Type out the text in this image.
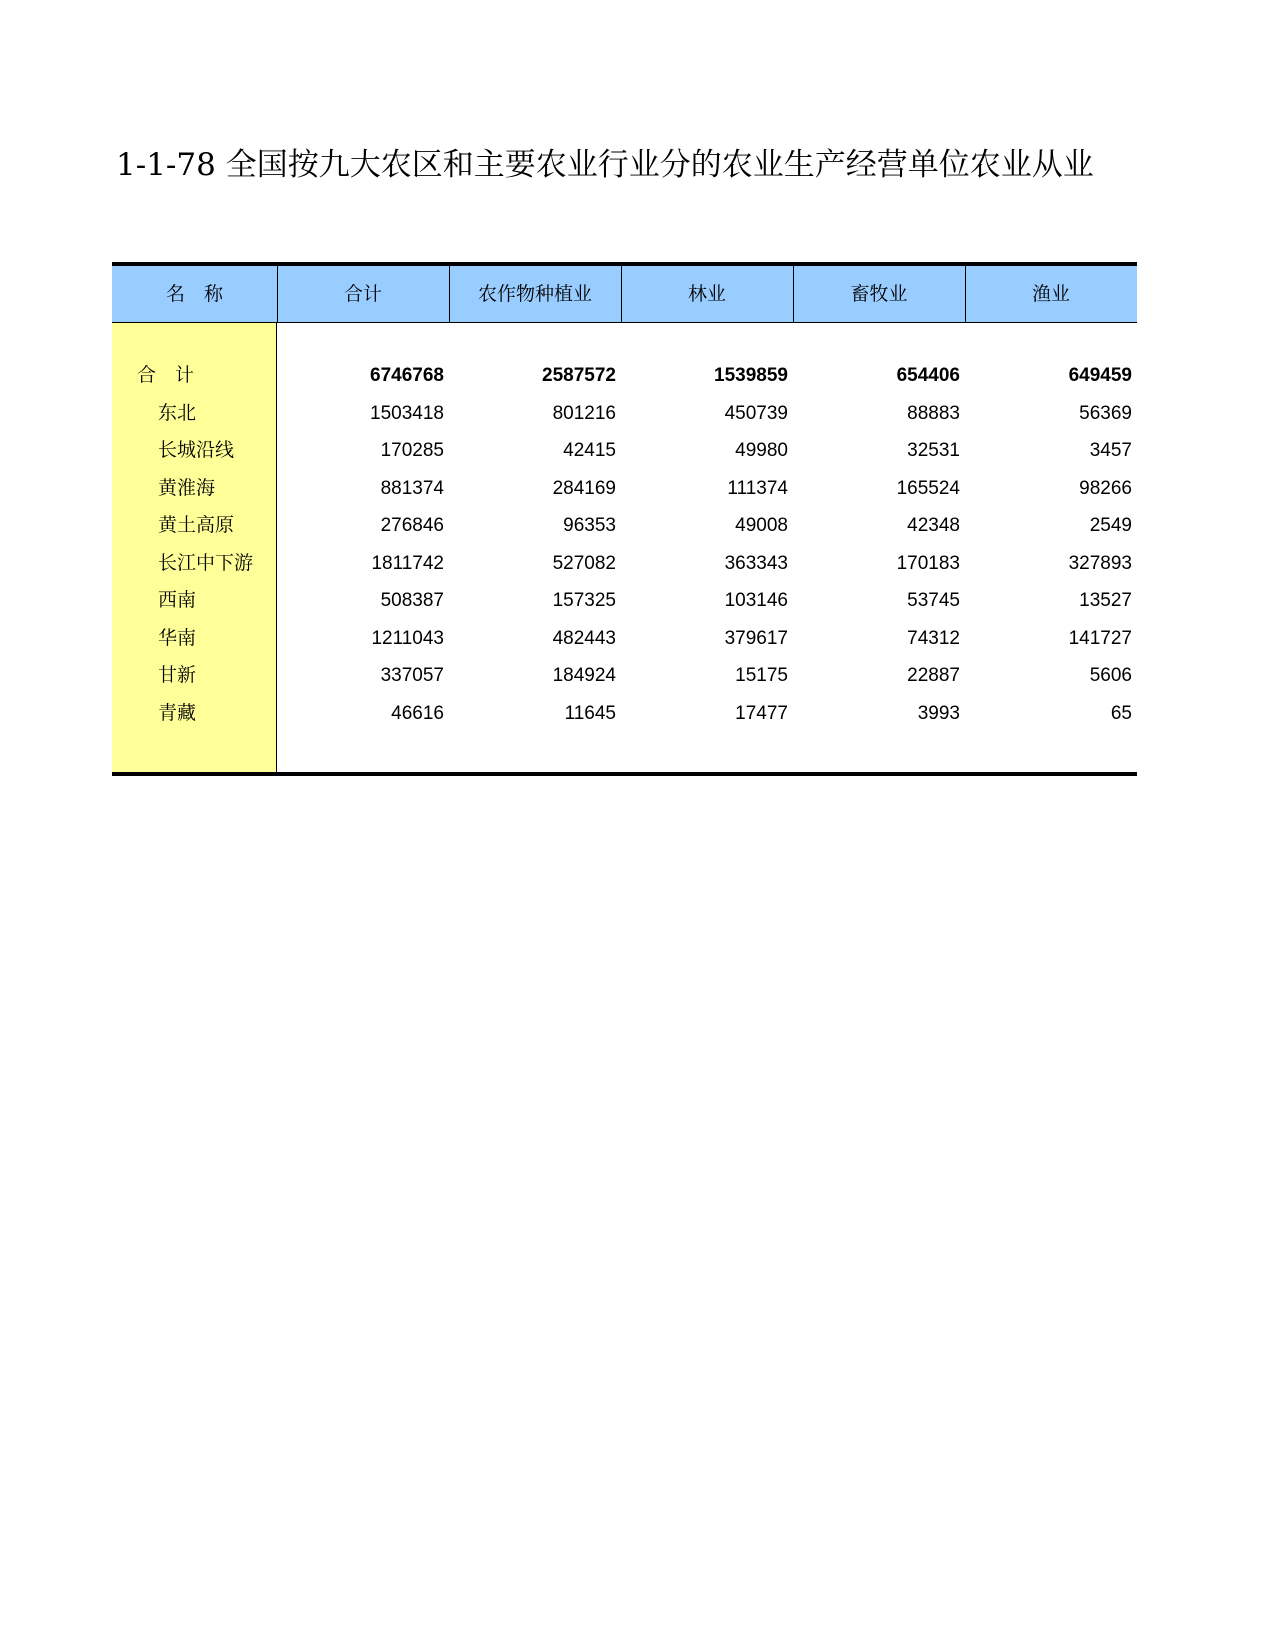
1-1-78 全国按九大农区和主要农业行业分的农业生产经营单位农业从业
名　称	合计	农作物种植业	林业	畜牧业	渔业
合　计	6746768	2587572	1539859	654406	649459
东北	1503418	801216	450739	88883	56369
长城沿线	170285	42415	49980	32531	3457
黄淮海	881374	284169	111374	165524	98266
黄土高原	276846	96353	49008	42348	2549
长江中下游	1811742	527082	363343	170183	327893
西南	508387	157325	103146	53745	13527
华南	1211043	482443	379617	74312	141727
甘新	337057	184924	15175	22887	5606
青藏	46616	11645	17477	3993	65
